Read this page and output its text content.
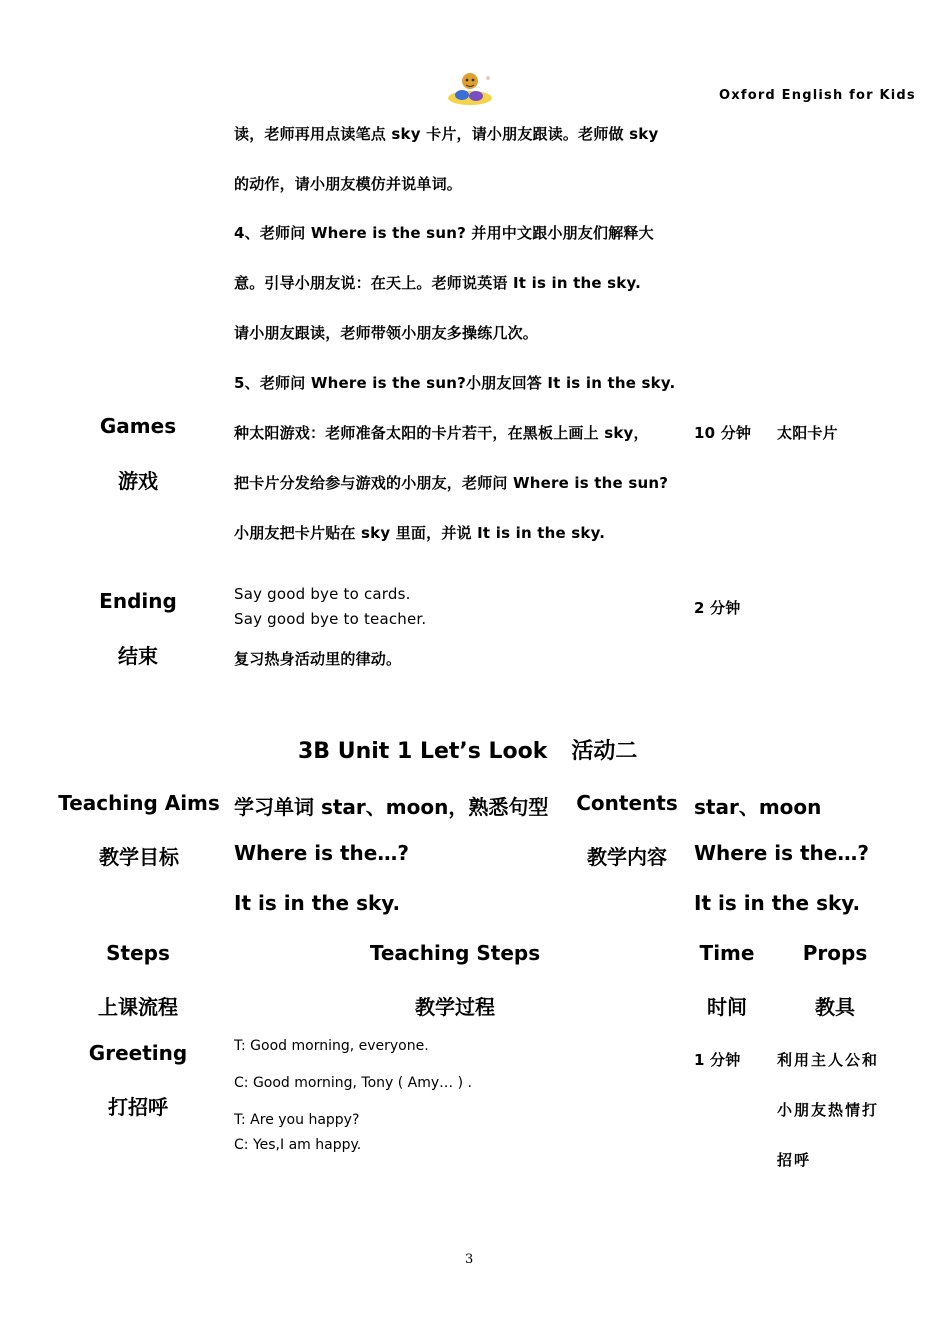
Oxford English for Kids
读，老师再用点读笔点 sky 卡片，请小朋友跟读。老师做 sky
的动作，请小朋友模仿并说单词。
4、老师问 Where is the sun? 并用中文跟小朋友们解释大
意。引导小朋友说：在天上。老师说英语 It is in the sky.
请小朋友跟读，老师带领小朋友多操练几次。
5、老师问 Where is the sun?小朋友回答 It is in the sky.
Games
游戏
种太阳游戏：老师准备太阳的卡片若干，在黑板上画上 sky，
把卡片分发给参与游戏的小朋友，老师问 Where is the sun?
小朋友把卡片贴在 sky 里面，并说 It is in the sky.
10 分钟 太阳卡片
Ending
结束
Say good bye to cards.
Say good bye to teacher.
复习热身活动里的律动。
2 分钟
3B Unit 1 Let’s Look 活动二
Teaching Aims
教学目标
学习单词 star、moon，熟悉句型
Where is the…?
It is in the sky.
Contents
教学内容
star、moon
Where is the…?
It is in the sky.
Steps
上课流程
Teaching Steps
教学过程
Time
时间
Props
教具
Greeting
打招呼
T: Good morning, everyone.
C: Good morning, Tony ( Amy… ) .
T: Are you happy?
C: Yes,I am happy.
1 分钟 利用主人公和
小朋友热情打
招呼
3
